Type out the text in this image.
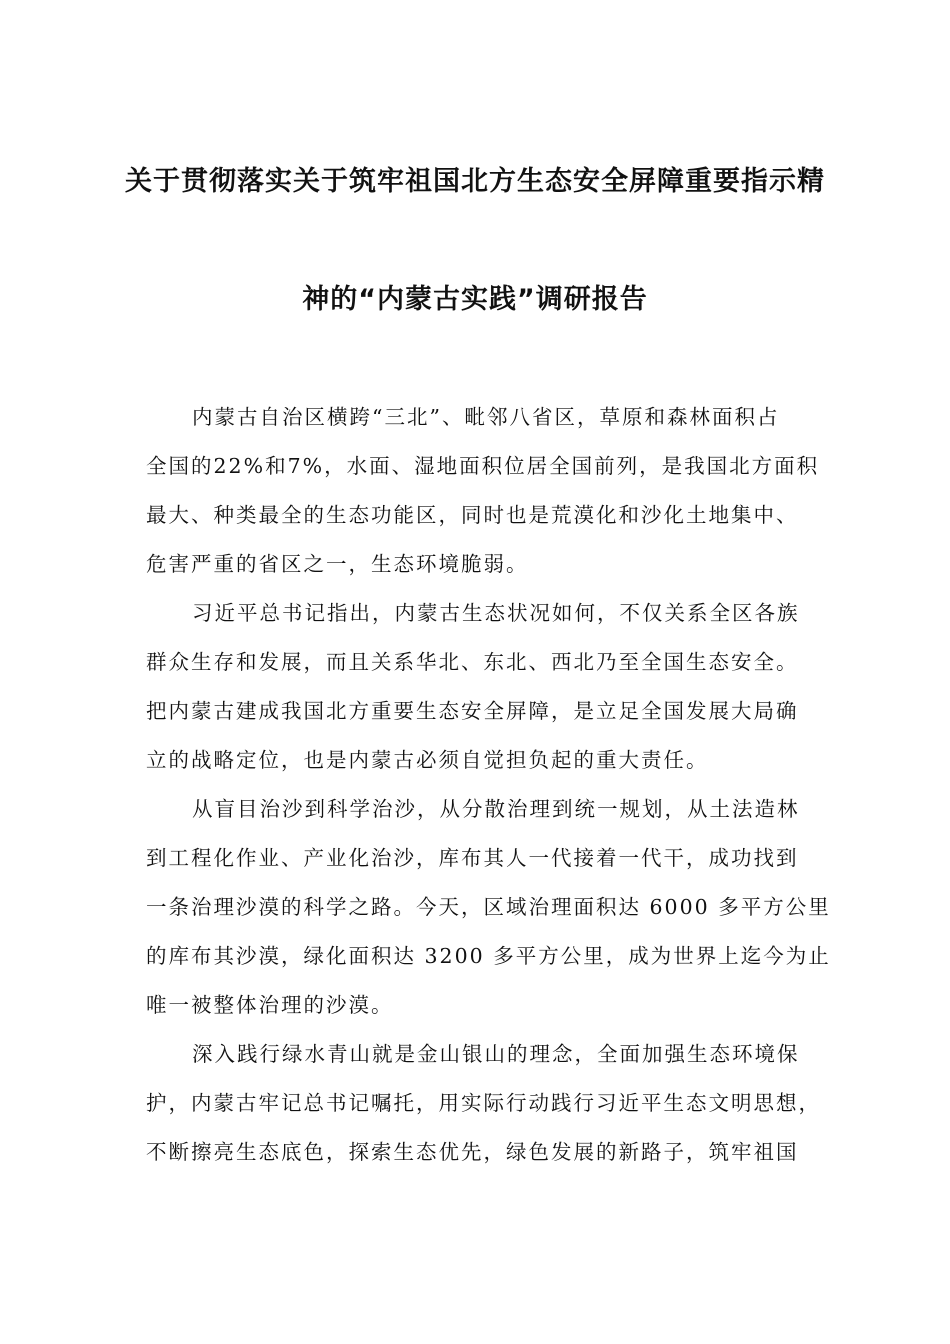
关于贯彻落实关于筑牢祖国北方生态安全屏障重要指示精
神的“内蒙古实践”调研报告
内蒙古自治区横跨“三北”、毗邻八省区，草原和森林面积占
全国的22%和7%，水面、湿地面积位居全国前列，是我国北方面积
最大、种类最全的生态功能区，同时也是荒漠化和沙化土地集中、
危害严重的省区之一，生态环境脆弱。
习近平总书记指出，内蒙古生态状况如何，不仅关系全区各族
群众生存和发展，而且关系华北、东北、西北乃至全国生态安全。
把内蒙古建成我国北方重要生态安全屏障，是立足全国发展大局确
立的战略定位，也是内蒙古必须自觉担负起的重大责任。
从盲目治沙到科学治沙，从分散治理到统一规划，从土法造林
到工程化作业、产业化治沙，库布其人一代接着一代干，成功找到
一条治理沙漠的科学之路。今天，区域治理面积达 6000 多平方公里
的库布其沙漠，绿化面积达 3200 多平方公里，成为世界上迄今为止
唯一被整体治理的沙漠。
深入践行绿水青山就是金山银山的理念，全面加强生态环境保
护，内蒙古牢记总书记嘱托，用实际行动践行习近平生态文明思想，
不断擦亮生态底色，探索生态优先，绿色发展的新路子，筑牢祖国
